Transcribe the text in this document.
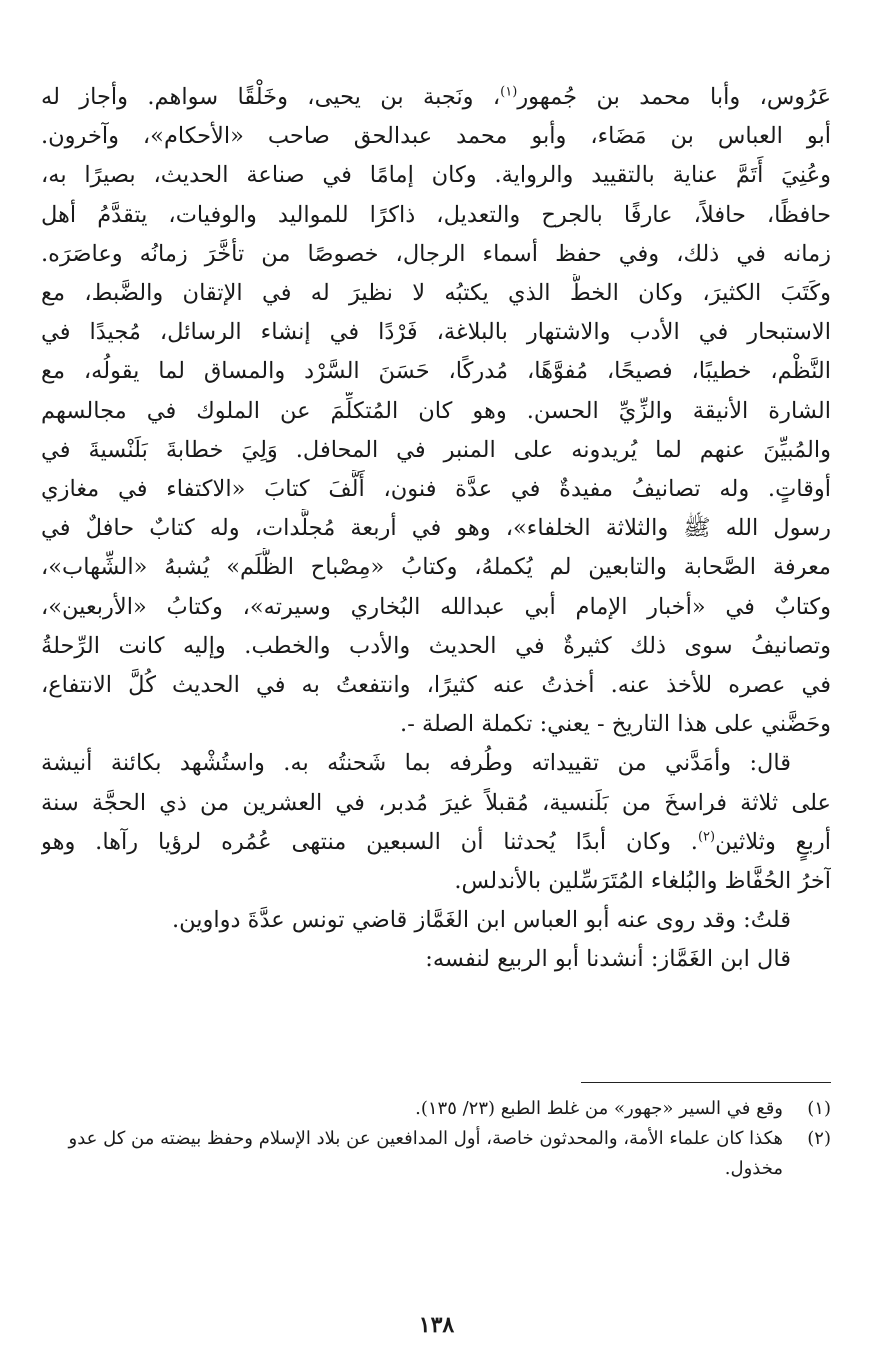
عَرُوس، وأبا محمد بن جُمهور$^{(١)}$، ونَجبة بن يحيى، وخَلْقًا سواهم. وأجاز له
أبو العباس بن مَضَاء، وأبو محمد عبدالحق صاحب «الأحكام»، وآخرون.
وعُنِيَ أَتَمَّ عناية بالتقييد والرواية. وكان إمامًا في صناعة الحديث، بصيرًا به،
حافظًا، حافلاً، عارفًا بالجرح والتعديل، ذاكرًا للمواليد والوفيات، يتقدَّمُ أهل
زمانه في ذلك، وفي حفظ أسماء الرجال، خصوصًا من تأخَّرَ زمانُه وعاصَرَه.
وكَتَبَ الكثيرَ، وكان الخطُّ الذي يكتبُه لا نظيرَ له في الإتقان والضَّبط، مع
الاستبحار في الأدب والاشتهار بالبلاغة، فَرْدًا في إنشاء الرسائل، مُجيدًا في
النَّظْم، خطيبًا، فصيحًا، مُفوَّهًا، مُدركًا، حَسَنَ السَّرْد والمساق لما يقولُه، مع
الشارة الأنيقة والزِّيِّ الحسن. وهو كان المُتكلِّمَ عن الملوك في مجالسهم
والمُبيِّنَ عنهم لما يُريدونه على المنبر في المحافل. وَلِيَ خطابةَ بَلَنْسيةَ في
أوقاتٍ. وله تصانيفُ مفيدةٌ في عدَّة فنون، أَلَّفَ كتابَ «الاكتفاء في مغازي
رسول الله ﷺ والثلاثة الخلفاء»، وهو في أربعة مُجلَّدات، وله كتابٌ حافلٌ في
معرفة الصَّحابة والتابعين لم يُكملهُ، وكتابُ «مِصْباح الظُّلَم» يُشبهُ «الشِّهاب»،
وكتابٌ في «أخبار الإمام أبي عبدالله البُخاري وسيرته»، وكتابُ «الأربعين»،
وتصانيفُ سوى ذلك كثيرةٌ في الحديث والأدب والخطب. وإليه كانت الرِّحلةُ
في عصره للأخذ عنه. أخذتُ عنه كثيرًا، وانتفعتُ به في الحديث كُلَّ الانتفاع،
وحَضَّني على هذا التاريخ - يعني: تكملة الصلة -.
قال: وأمَدَّني من تقييداته وطُرفه بما شَحنتُه به. واستُشْهد بكائنة أنيشة
على ثلاثة فراسخَ من بَلَنسية، مُقبلاً غيرَ مُدبر، في العشرين من ذي الحجَّة سنة
أربعٍ وثلاثين$^{(٢)}$. وكان أبدًا يُحدثنا أن السبعين منتهى عُمُره لرؤيا رآها. وهو
آخرُ الحُفَّاظ والبُلغاء المُتَرَسِّلين بالأندلس.
قلتُ: وقد روى عنه أبو العباس ابن الغَمَّاز قاضي تونس عدَّةَ دواوين.
قال ابن الغَمَّاز: أنشدنا أبو الربيع لنفسه:
(١)
وقع في السير «جهور» من غلط الطبع (٢٣/ ١٣٥).
(٢)
هكذا كان علماء الأمة، والمحدثون خاصة، أول المدافعين عن بلاد الإسلام وحفظ بيضته من كل عدو مخذول.
١٣٨
